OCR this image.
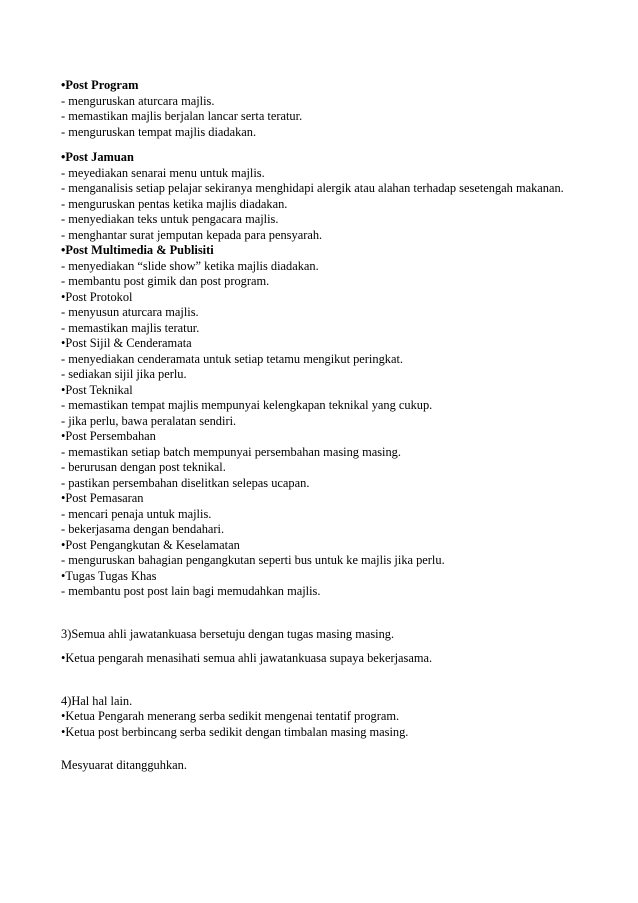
•Post Program
- menguruskan aturcara majlis.
- memastikan majlis berjalan lancar serta teratur.
- menguruskan tempat majlis diadakan.
•Post Jamuan
- meyediakan senarai menu untuk majlis.
- menganalisis setiap pelajar sekiranya menghidapi alergik atau alahan terhadap sesetengah makanan.
- menguruskan pentas ketika majlis diadakan.
- menyediakan teks untuk pengacara majlis.
- menghantar surat jemputan kepada para pensyarah.
•Post Multimedia & Publisiti
- menyediakan “slide show” ketika majlis diadakan.
- membantu post gimik dan post program.
•Post Protokol
- menyusun aturcara majlis.
- memastikan majlis teratur.
•Post Sijil & Cenderamata
- menyediakan cenderamata untuk setiap tetamu mengikut peringkat.
- sediakan sijil jika perlu.
•Post Teknikal
- memastikan tempat majlis mempunyai kelengkapan teknikal yang cukup.
- jika perlu, bawa peralatan sendiri.
•Post Persembahan
- memastikan setiap batch mempunyai persembahan masing masing.
- berurusan dengan post teknikal.
- pastikan persembahan diselitkan selepas ucapan.
•Post Pemasaran
- mencari penaja untuk majlis.
- bekerjasama dengan bendahari.
•Post Pengangkutan & Keselamatan
- menguruskan bahagian pengangkutan seperti bus untuk ke majlis jika perlu.
•Tugas Tugas Khas
- membantu post post lain bagi memudahkan majlis.
3)Semua ahli jawatankuasa bersetuju dengan tugas masing masing.
•Ketua pengarah menasihati semua ahli jawatankuasa supaya bekerjasama.
4)Hal hal lain.
•Ketua Pengarah menerang serba sedikit mengenai tentatif program.
•Ketua post berbincang serba sedikit dengan timbalan masing masing.
Mesyuarat ditangguhkan.
